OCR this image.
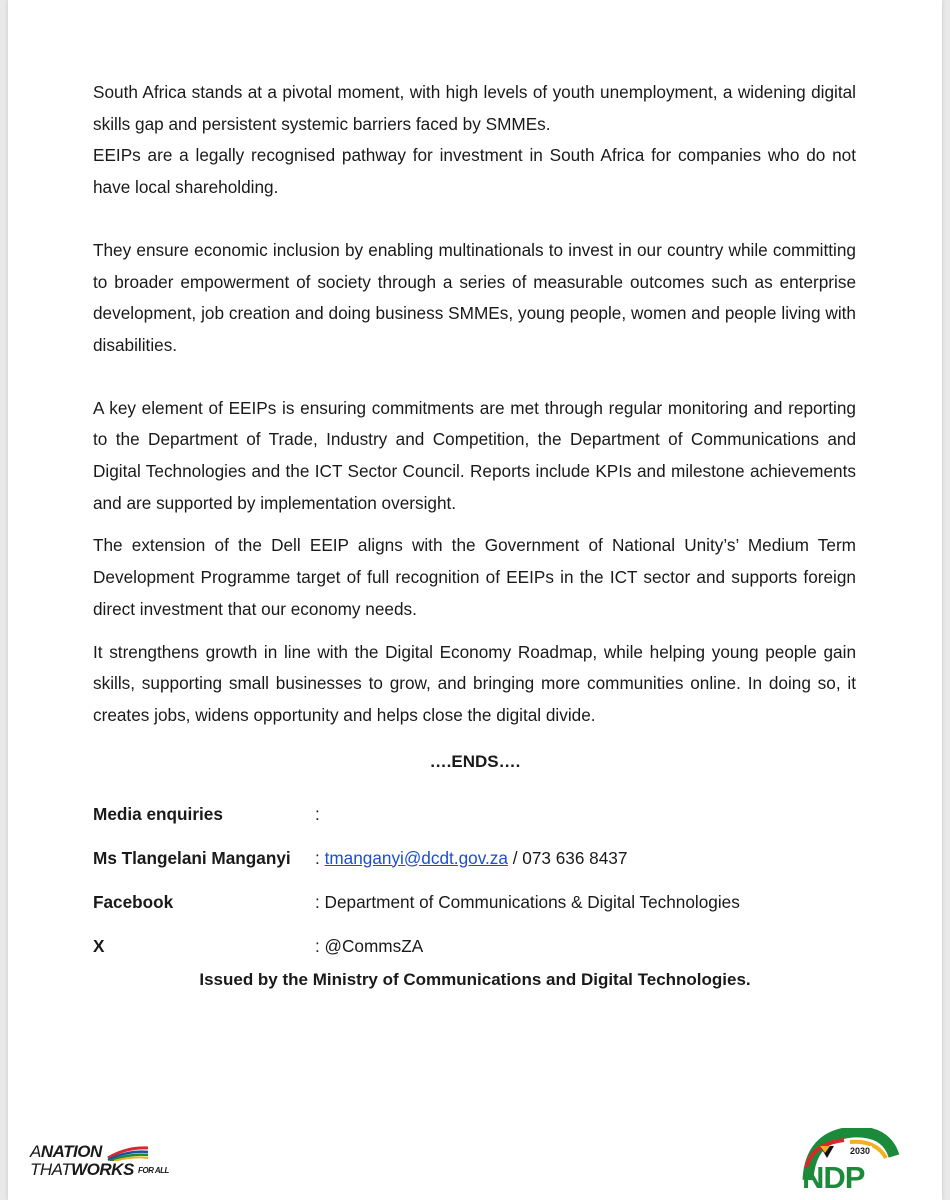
South Africa stands at a pivotal moment, with high levels of youth unemployment, a widening digital skills gap and persistent systemic barriers faced by SMMEs.

EEIPs are a legally recognised pathway for investment in South Africa for companies who do not have local shareholding.

They ensure economic inclusion by enabling multinationals to invest in our country while committing to broader empowerment of society through a series of measurable outcomes such as enterprise development, job creation and doing business SMMEs, young people, women and people living with disabilities.

A key element of EEIPs is ensuring commitments are met through regular monitoring and reporting to the Department of Trade, Industry and Competition, the Department of Communications and Digital Technologies and the ICT Sector Council. Reports include KPIs and milestone achievements and are supported by implementation oversight.

The extension of the Dell EEIP aligns with the Government of National Unity’s’ Medium Term Development Programme target of full recognition of EEIPs in the ICT sector and supports foreign direct investment that our economy needs.

It strengthens growth in line with the Digital Economy Roadmap, while helping young people gain skills, supporting small businesses to grow, and bringing more communities online. In doing so, it creates jobs, widens opportunity and helps close the digital divide.

….ENDS….
Media enquiries	:
Ms Tlangelani Manganyi	: tmanganyi@dcdt.gov.za / 073 636 8437
Facebook	: Department of Communications & Digital Technologies
X	: @CommsZA
Issued by the Ministry of Communications and Digital Technologies.
ANATION
THATWORKS FOR ALL
2030
NDP
